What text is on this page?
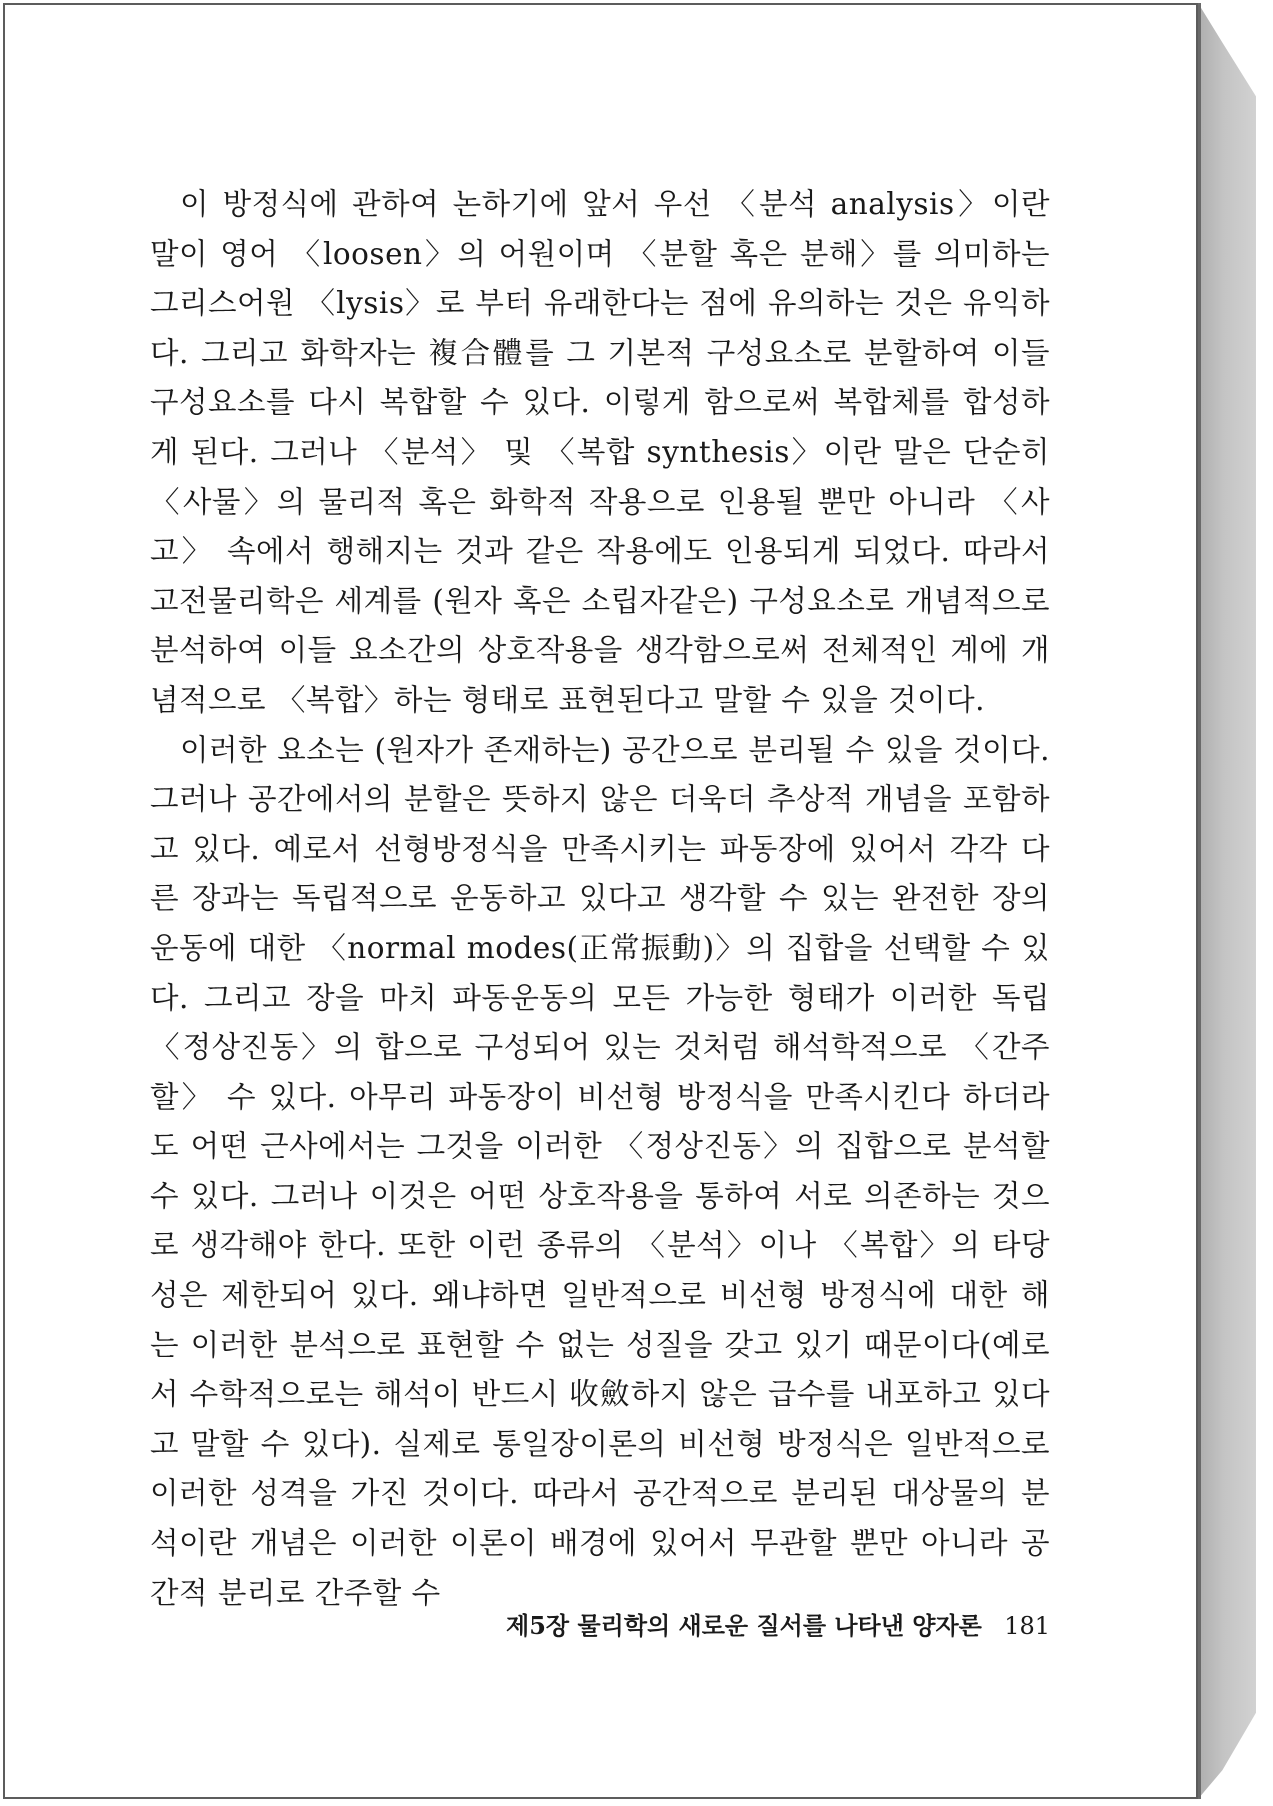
이 방정식에 관하여 논하기에 앞서 우선 〈분석 analysis〉이란 말이 영어 〈loosen〉의 어원이며 〈분할 혹은 분해〉를 의미하는 그리스어원 〈lysis〉로 부터 유래한다는 점에 유의하는 것은 유익하다. 그리고 화학자는 複合體를 그 기본적 구성요소로 분할하여 이들 구성요소를 다시 복합할 수 있다. 이렇게 함으로써 복합체를 합성하게 된다. 그러나 〈분석〉 및 〈복합 synthesis〉이란 말은 단순히 〈사물〉의 물리적 혹은 화학적 작용으로 인용될 뿐만 아니라 〈사고〉 속에서 행해지는 것과 같은 작용에도 인용되게 되었다. 따라서 고전물리학은 세계를 (원자 혹은 소립자같은) 구성요소로 개념적으로 분석하여 이들 요소간의 상호작용을 생각함으로써 전체적인 계에 개념적으로 〈복합〉하는 형태로 표현된다고 말할 수 있을 것이다.

이러한 요소는 (원자가 존재하는) 공간으로 분리될 수 있을 것이다. 그러나 공간에서의 분할은 뜻하지 않은 더욱더 추상적 개념을 포함하고 있다. 예로서 선형방정식을 만족시키는 파동장에 있어서 각각 다른 장과는 독립적으로 운동하고 있다고 생각할 수 있는 완전한 장의 운동에 대한 〈normal modes(正常振動)〉의 집합을 선택할 수 있다. 그리고 장을 마치 파동운동의 모든 가능한 형태가 이러한 독립〈정상진동〉의 합으로 구성되어 있는 것처럼 해석학적으로 〈간주할〉 수 있다. 아무리 파동장이 비선형 방정식을 만족시킨다 하더라도 어떤 근사에서는 그것을 이러한 〈정상진동〉의 집합으로 분석할 수 있다. 그러나 이것은 어떤 상호작용을 통하여 서로 의존하는 것으로 생각해야 한다. 또한 이런 종류의 〈분석〉이나 〈복합〉의 타당성은 제한되어 있다. 왜냐하면 일반적으로 비선형 방정식에 대한 해는 이러한 분석으로 표현할 수 없는 성질을 갖고 있기 때문이다(예로서 수학적으로는 해석이 반드시 收斂하지 않은 급수를 내포하고 있다고 말할 수 있다). 실제로 통일장이론의 비선형 방정식은 일반적으로 이러한 성격을 가진 것이다. 따라서 공간적으로 분리된 대상물의 분석이란 개념은 이러한 이론이 배경에 있어서 무관할 뿐만 아니라 공간적 분리로 간주할 수

제5장 물리학의 새로운 질서를 나타낸 양자론 181
